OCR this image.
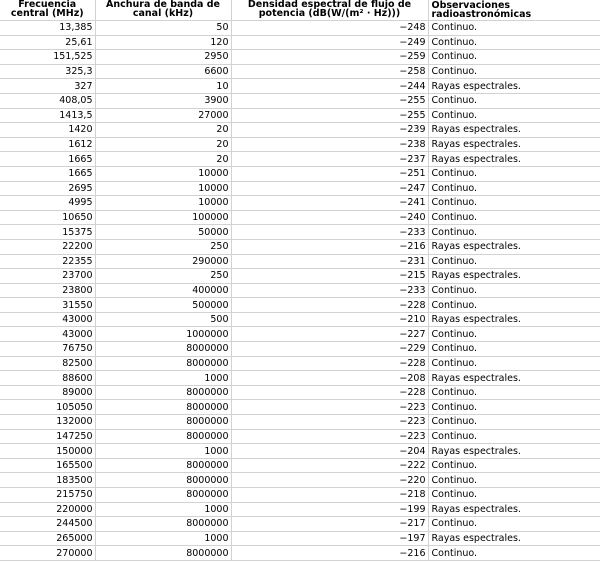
Frecuencia central (MHz)	Anchura de banda de canal (kHz)	Densidad espectral de flujo de potencia (dB(W/(m² · Hz)))	Observaciones radioastronómicas
13,385	50	−248	Continuo.
25,61	120	−249	Continuo.
151,525	2950	−259	Continuo.
325,3	6600	−258	Continuo.
327	10	−244	Rayas espectrales.
408,05	3900	−255	Continuo.
1413,5	27000	−255	Continuo.
1420	20	−239	Rayas espectrales.
1612	20	−238	Rayas espectrales.
1665	20	−237	Rayas espectrales.
1665	10000	−251	Continuo.
2695	10000	−247	Continuo.
4995	10000	−241	Continuo.
10650	100000	−240	Continuo.
15375	50000	−233	Continuo.
22200	250	−216	Rayas espectrales.
22355	290000	−231	Continuo.
23700	250	−215	Rayas espectrales.
23800	400000	−233	Continuo.
31550	500000	−228	Continuo.
43000	500	−210	Rayas espectrales.
43000	1000000	−227	Continuo.
76750	8000000	−229	Continuo.
82500	8000000	−228	Continuo.
88600	1000	−208	Rayas espectrales.
89000	8000000	−228	Continuo.
105050	8000000	−223	Continuo.
132000	8000000	−223	Continuo.
147250	8000000	−223	Continuo.
150000	1000	−204	Rayas espectrales.
165500	8000000	−222	Continuo.
183500	8000000	−220	Continuo.
215750	8000000	−218	Continuo.
220000	1000	−199	Rayas espectrales.
244500	8000000	−217	Continuo.
265000	1000	−197	Rayas espectrales.
270000	8000000	−216	Continuo.
